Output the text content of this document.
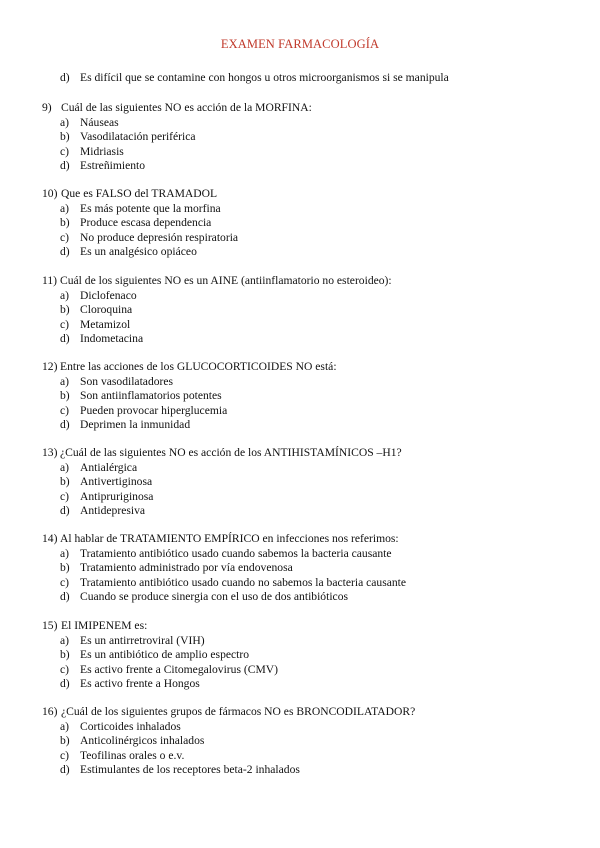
EXAMEN FARMACOLOGÍA
d) Es difícil que se contamine con hongos u otros microorganismos si se manipula
9) Cuál de las siguientes NO es acción de la MORFINA:
a) Náuseas
b) Vasodilatación periférica
c) Midriasis
d) Estreñimiento
10) Que es FALSO del TRAMADOL
a) Es más potente que la morfina
b) Produce escasa dependencia
c) No produce depresión respiratoria
d) Es un analgésico opiáceo
11) Cuál de los siguientes NO es un AINE (antiinflamatorio no esteroideo):
a) Diclofenaco
b) Cloroquina
c) Metamizol
d) Indometacina
12) Entre las acciones de los GLUCOCORTICOIDES NO está:
a) Son vasodilatadores
b) Son antiinflamatorios potentes
c) Pueden provocar hiperglucemia
d) Deprimen la inmunidad
13) ¿Cuál de las siguientes NO es acción de los ANTIHISTAMÍNICOS –H1?
a) Antialérgica
b) Antivertiginosa
c) Antipruriginosa
d) Antidepresiva
14) Al hablar de TRATAMIENTO EMPÍRICO en infecciones nos referimos:
a) Tratamiento antibiótico usado cuando sabemos la bacteria causante
b) Tratamiento administrado por vía endovenosa
c) Tratamiento antibiótico usado cuando no sabemos la bacteria causante
d) Cuando se produce sinergia con el uso de dos antibióticos
15) El IMIPENEM es:
a) Es un antirretroviral (VIH)
b) Es un antibiótico de amplio espectro
c) Es activo frente a Citomegalovirus (CMV)
d) Es activo frente a Hongos
16) ¿Cuál de los siguientes grupos de fármacos NO es BRONCODILATADOR?
a) Corticoides inhalados
b) Anticolinérgicos inhalados
c) Teofilinas orales o e.v.
d) Estimulantes de los receptores beta-2 inhalados
